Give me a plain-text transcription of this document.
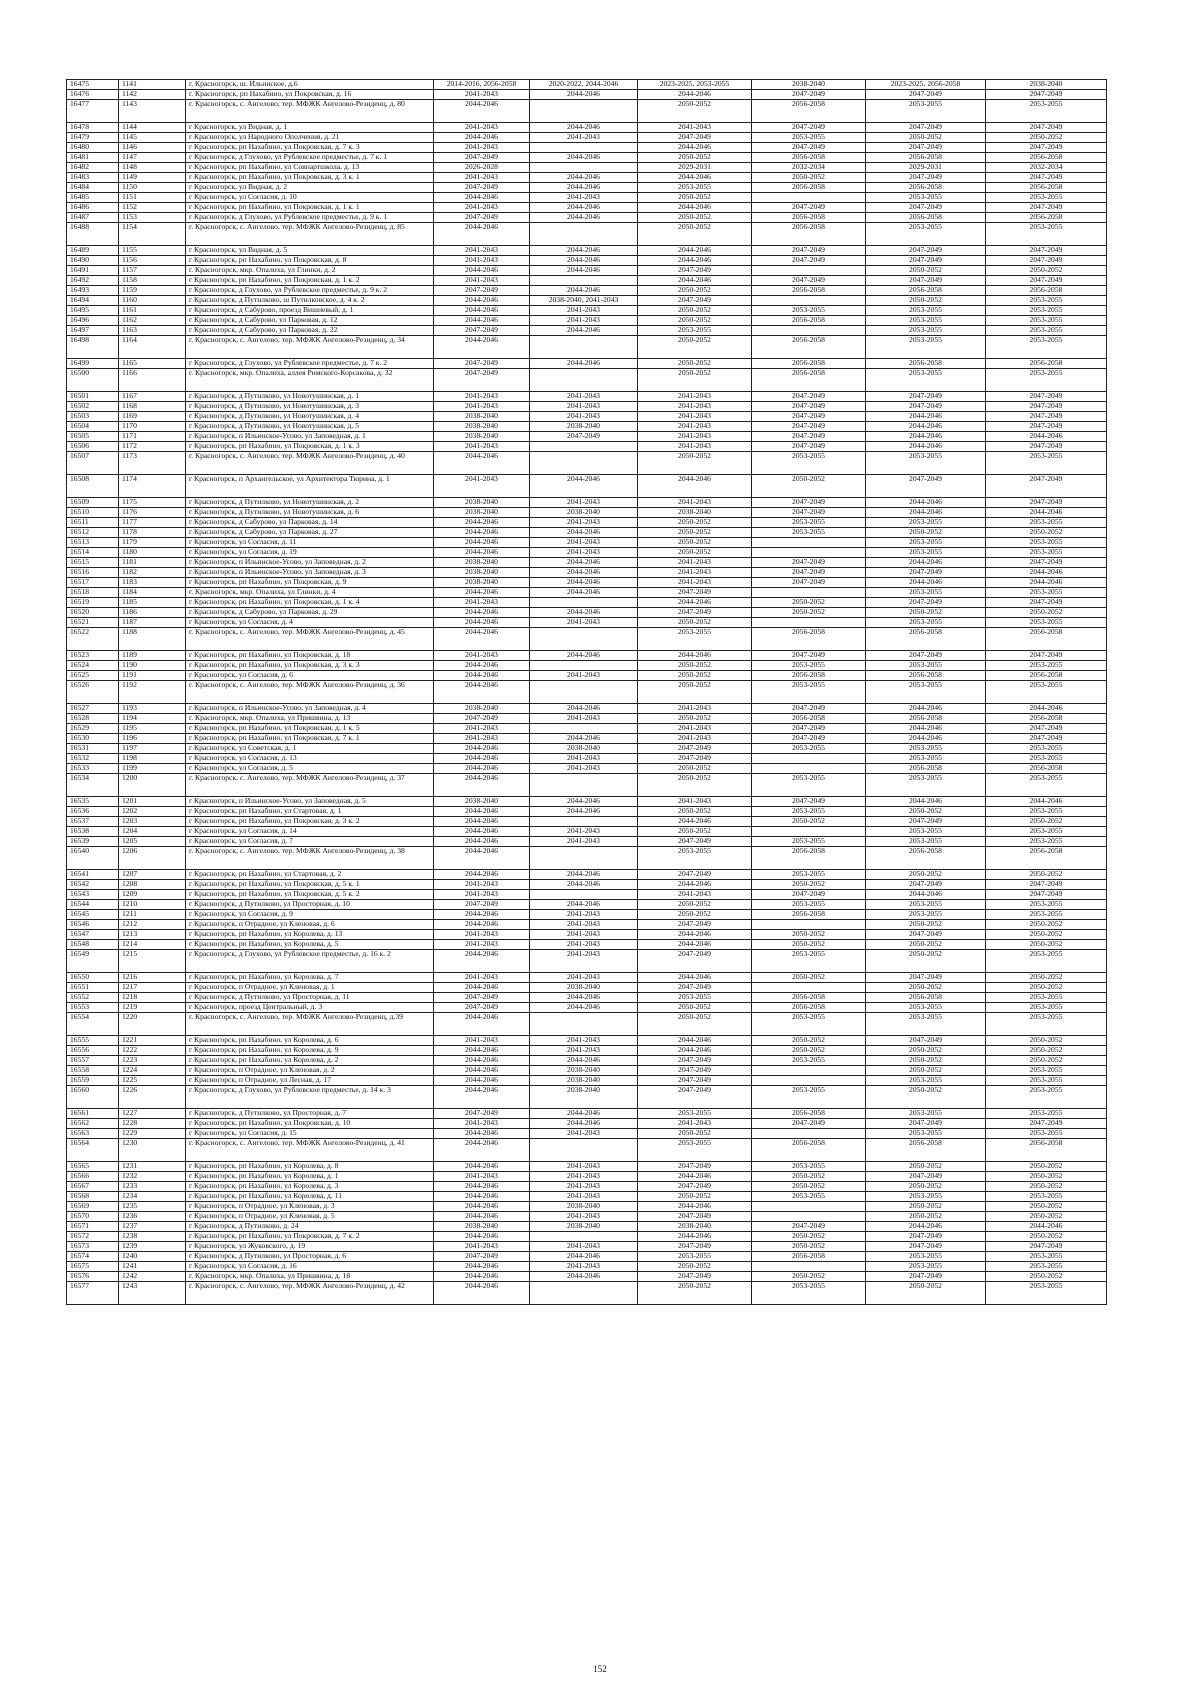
16475	1141	г. Красногорск, ш. Ильинское, д.6	2014-2016, 2056-2058	2020-2022, 2044-2046	2023-2025, 2053-2055	2038-2040	2023-2025, 2056-2058	2038-2040
16476	1142	г. Красногорск, рп Нахабино, ул Покровская, д. 16	2041-2043	2044-2046	2044-2046	2047-2049	2047-2049	2047-2049
16477	1143	г. Красногорск, с. Ангелово, тер. МФЖК Ангелово-Резиденц, д. 80	2044-2046		2050-2052	2056-2058	2053-2055	2053-2055
16478	1144	г Красногорск, ул Видная, д. 1	2041-2043	2044-2046	2041-2043	2047-2049	2047-2049	2047-2049
16479	1145	г Красногорск, ул Народного Ополчения, д. 21	2044-2046	2041-2043	2047-2049	2053-2055	2050-2052	2050-2052
16480	1146	г Красногорск, рп Нахабино, ул Покровская, д. 7 к. 3	2041-2043		2044-2046	2047-2049	2047-2049	2047-2049
16481	1147	г Красногорск, д Глухово, ул Рублевское предместье, д. 7 к. 1	2047-2049	2044-2046	2050-2052	2056-2058	2056-2058	2056-2058
16482	1148	г Красногорск, рп Нахабино, ул Совпартшкола, д. 13	2026-2028		2029-2031	2032-2034	2029-2031	2032-2034
16483	1149	г Красногорск, рп Нахабино, ул Покровская, д. 3 к. 1	2041-2043	2044-2046	2044-2046	2050-2052	2047-2049	2047-2049
16484	1150	г Красногорск, ул Видная, д. 2	2047-2049	2044-2046	2053-2055	2056-2058	2056-2058	2056-2058
16485	1151	г Красногорск, ул Согласия, д. 10	2044-2046	2041-2043	2050-2052		2053-2055	2053-2055
16486	1152	г Красногорск, рп Нахабино, ул Покровская, д. 1 к. 1	2041-2043	2044-2046	2044-2046	2047-2049	2047-2049	2047-2049
16487	1153	г Красногорск, д Глухово, ул Рублевское предместье, д. 9 к. 1	2047-2049	2044-2046	2050-2052	2056-2058	2056-2058	2056-2058
16488	1154	г. Красногорск, с. Ангелово, тер. МФЖК Ангелово-Резиденц, д. 85	2044-2046		2050-2052	2056-2058	2053-2055	2053-2055
16489	1155	г Красногорск, ул Видная, д. 5	2041-2043	2044-2046	2044-2046	2047-2049	2047-2049	2047-2049
16490	1156	г Красногорск, рп Нахабино, ул Покровская, д. 8	2041-2043	2044-2046	2044-2046	2047-2049	2047-2049	2047-2049
16491	1157	г. Красногорск, мкр. Опалиха, ул Глинки, д. 2	2044-2046	2044-2046	2047-2049		2050-2052	2050-2052
16492	1158	г Красногорск, рп Нахабино, ул Покровская, д. 1 к. 2	2041-2043		2044-2046	2047-2049	2047-2049	2047-2049
16493	1159	г Красногорск, д Глухово, ул Рублевское предместье, д. 9 к. 2	2047-2049	2044-2046	2050-2052	2056-2058	2056-2058	2056-2058
16494	1160	г Красногорск, д Путилково, ш Путилковское, д. 4 к. 2	2044-2046	2038-2040, 2041-2043	2047-2049		2050-2052	2053-2055
16495	1161	г Красногорск, д Сабурово, проезд Вишневый, д. 1	2044-2046	2041-2043	2050-2052	2053-2055	2053-2055	2053-2055
16496	1162	г Красногорск, д Сабурово, ул Парковая, д. 12	2044-2046	2041-2043	2050-2052	2056-2058	2053-2055	2053-2055
16497	1163	г Красногорск, д Сабурово, ул Парковая, д. 22	2047-2049	2044-2046	2053-2055		2053-2055	2053-2055
16498	1164	г. Красногорск, с. Ангелово, тер. МФЖК Ангелово-Резиденц, д. 34	2044-2046		2050-2052	2056-2058	2053-2055	2053-2055
16499	1165	г Красногорск, д Глухово, ул Рублевское предместье, д. 7 к. 2	2047-2049	2044-2046	2050-2052	2056-2058	2056-2058	2056-2058
16500	1166	г. Красногорск, мкр. Опалиха, аллея Римского-Корсакова, д. 32	2047-2049		2050-2052	2056-2058	2053-2055	2053-2055
16501	1167	г Красногорск, д Путилково, ул Новотушинская, д. 1	2041-2043	2041-2043	2041-2043	2047-2049	2047-2049	2047-2049
16502	1168	г Красногорск, д Путилково, ул Новотушинская, д. 3	2041-2043	2041-2043	2041-2043	2047-2049	2047-2049	2047-2049
16503	1169	г Красногорск, д Путилково, ул Новотушинская, д. 4	2038-2040	2041-2043	2041-2043	2047-2049	2044-2046	2047-2049
16504	1170	г Красногорск, д Путилково, ул Новотушинская, д. 5	2038-2040	2038-2040	2041-2043	2047-2049	2044-2046	2047-2049
16505	1171	г Красногорск, п Ильинское-Усово, ул Заповедная, д. 1	2038-2040	2047-2049	2041-2043	2047-2049	2044-2046	2044-2046
16506	1172	г Красногорск, рп Нахабино, ул Покровская, д. 1 к. 3	2041-2043		2041-2043	2047-2049	2044-2046	2047-2049
16507	1173	г. Красногорск, с. Ангелово, тер. МФЖК Ангелово-Резиденц, д. 40	2044-2046		2050-2052	2053-2055	2053-2055	2053-2055
16508	1174	г Красногорск, п Архангельское, ул Архитектора Тюрина, д. 1	2041-2043	2044-2046	2044-2046	2050-2052	2047-2049	2047-2049
16509	1175	г Красногорск, д Путилково, ул Новотушинская, д. 2	2038-2040	2041-2043	2041-2043	2047-2049	2044-2046	2047-2049
16510	1176	г Красногорск, д Путилково, ул Новотушинская, д. 6	2038-2040	2038-2040	2038-2040	2047-2049	2044-2046	2044-2046
16511	1177	г Красногорск, д Сабурово, ул Парковая, д. 14	2044-2046	2041-2043	2050-2052	2053-2055	2053-2055	2053-2055
16512	1178	г Красногорск, д Сабурово, ул Парковая, д. 27	2044-2046	2044-2046	2050-2052	2053-2055	2050-2052	2050-2052
16513	1179	г Красногорск, ул Согласия, д. 11	2044-2046	2041-2043	2050-2052		2053-2055	2053-2055
16514	1180	г Красногорск, ул Согласия, д. 19	2044-2046	2041-2043	2050-2052		2053-2055	2053-2055
16515	1181	г Красногорск, п Ильинское-Усово, ул Заповедная, д. 2	2038-2040	2044-2046	2041-2043	2047-2049	2044-2046	2047-2049
16516	1182	г Красногорск, п Ильинское-Усово, ул Заповедная, д. 3	2038-2040	2044-2046	2041-2043	2047-2049	2047-2049	2044-2046
16517	1183	г Красногорск, рп Нахабино, ул Покровская, д. 9	2038-2040	2044-2046	2041-2043	2047-2049	2044-2046	2044-2046
16518	1184	г. Красногорск, мкр. Опалиха, ул Глинки, д. 4	2044-2046	2044-2046	2047-2049		2053-2055	2053-2055
16519	1185	г Красногорск, рп Нахабино, ул Покровская, д. 1 к. 4	2041-2043		2044-2046	2050-2052	2047-2049	2047-2049
16520	1186	г Красногорск, д Сабурово, ул Парковая, д. 29	2044-2046	2044-2046	2047-2049	2050-2052	2050-2052	2050-2052
16521	1187	г Красногорск, ул Согласия, д. 4	2044-2046	2041-2043	2050-2052		2053-2055	2053-2055
16522	1188	г. Красногорск, с. Ангелово, тер. МФЖК Ангелово-Резиденц, д. 45	2044-2046		2053-2055	2056-2058	2056-2058	2056-2058
16523	1189	г Красногорск, рп Нахабино, ул Покровская, д. 18	2041-2043	2044-2046	2044-2046	2047-2049	2047-2049	2047-2049
16524	1190	г Красногорск, рп Нахабино, ул Покровская, д. 3 к. 3	2044-2046		2050-2052	2053-2055	2053-2055	2053-2055
16525	1191	г Красногорск, ул Согласия, д. 6	2044-2046	2041-2043	2050-2052	2056-2058	2056-2058	2056-2058
16526	1192	г. Красногорск, с. Ангелово, тер. МФЖК Ангелово-Резиденц, д. 36	2044-2046		2050-2052	2053-2055	2053-2055	2053-2055
16527	1193	г Красногорск, п Ильинское-Усово, ул Заповедная, д. 4	2038-2040	2044-2046	2041-2043	2047-2049	2044-2046	2044-2046
16528	1194	г. Красногорск, мкр. Опалиха, ул Пришвина, д. 13	2047-2049	2041-2043	2050-2052	2056-2058	2056-2058	2056-2058
16529	1195	г Красногорск, рп Нахабино, ул Покровская, д. 1 к. 5	2041-2043		2041-2043	2047-2049	2044-2046	2047-2049
16530	1196	г Красногорск, рп Нахабино, ул Покровская, д. 7 к. 1	2041-2043	2044-2046	2041-2043	2047-2049	2044-2046	2047-2049
16531	1197	г Красногорск, ул Советская, д. 1	2044-2046	2038-2040	2047-2049	2053-2055	2053-2055	2053-2055
16532	1198	г Красногорск, ул Согласия, д. 13	2044-2046	2041-2043	2047-2049		2053-2055	2053-2055
16533	1199	г Красногорск, ул Согласия, д. 5	2044-2046	2041-2043	2050-2052		2056-2058	2056-2058
16534	1200	г. Красногорск, с. Ангелово, тер. МФЖК Ангелово-Резиденц, д. 37	2044-2046		2050-2052	2053-2055	2053-2055	2053-2055
16535	1201	г Красногорск, п Ильинское-Усово, ул Заповедная, д. 5	2038-2040	2044-2046	2041-2043	2047-2049	2044-2046	2044-2046
16536	1202	г Красногорск, рп Нахабино, ул Стартовая, д. 1	2044-2046	2044-2046	2050-2052	2053-2055	2050-2052	2053-2055
16537	1203	г Красногорск, рп Нахабино, ул Покровская, д. 3 к. 2	2044-2046		2044-2046	2050-2052	2047-2049	2050-2052
16538	1204	г Красногорск, ул Согласия, д. 14	2044-2046	2041-2043	2050-2052		2053-2055	2053-2055
16539	1205	г Красногорск, ул Согласия, д. 7	2044-2046	2041-2043	2047-2049	2053-2055	2053-2055	2053-2055
16540	1206	г. Красногорск, с. Ангелово, тер. МФЖК Ангелово-Резиденц, д. 38	2044-2046		2053-2055	2056-2058	2056-2058	2056-2058
16541	1207	г Красногорск, рп Нахабино, ул Стартовая, д. 2	2044-2046	2044-2046	2047-2049	2053-2055	2050-2052	2050-2052
16542	1208	г Красногорск, рп Нахабино, ул Покровская, д. 5 к. 1	2041-2043	2044-2046	2044-2046	2050-2052	2047-2049	2047-2049
16543	1209	г Красногорск, рп Нахабино, ул Покровская, д. 5 к. 2	2041-2043		2041-2043	2047-2049	2044-2046	2047-2049
16544	1210	г Красногорск, д Путилково, ул Просторная, д. 10	2047-2049	2044-2046	2050-2052	2053-2055	2053-2055	2053-2055
16545	1211	г Красногорск, ул Согласия, д. 9	2044-2046	2041-2043	2050-2052	2056-2058	2053-2055	2053-2055
16546	1212	г Красногорск, п Отрадное, ул Кленовая, д. 6	2044-2046	2041-2043	2047-2049		2050-2052	2050-2052
16547	1213	г Красногорск, рп Нахабино, ул Королева, д. 13	2041-2043	2041-2043	2044-2046	2050-2052	2047-2049	2050-2052
16548	1214	г Красногорск, рп Нахабино, ул Королева, д. 5	2041-2043	2041-2043	2044-2046	2050-2052	2050-2052	2050-2052
16549	1215	г Красногорск, д Глухово, ул Рублевское предместье, д. 16 к. 2	2044-2046	2041-2043	2047-2049	2053-2055	2050-2052	2053-2055
16550	1216	г Красногорск, рп Нахабино, ул Королева, д. 7	2041-2043	2041-2043	2044-2046	2050-2052	2047-2049	2050-2052
16551	1217	г Красногорск, п Отрадное, ул Кленовая, д. 1	2044-2046	2038-2040	2047-2049		2050-2052	2050-2052
16552	1218	г Красногорск, д Путилково, ул Просторная, д. 11	2047-2049	2044-2046	2053-2055	2056-2058	2056-2058	2053-2055
16553	1219	г Красногорск, проезд Центральный, д. 3	2047-2049	2044-2046	2050-2052	2056-2058	2053-2055	2053-2055
16554	1220	г. Красногорск, с. Ангелово, тер. МФЖК Ангелово-Резиденц, д.39	2044-2046		2050-2052	2053-2055	2053-2055	2053-2055
16555	1221	г Красногорск, рп Нахабино, ул Королева, д. 6	2041-2043	2041-2043	2044-2046	2050-2052	2047-2049	2050-2052
16556	1222	г Красногорск, рп Нахабино, ул Королева, д. 9	2044-2046	2041-2043	2044-2046	2050-2052	2050-2052	2050-2052
16557	1223	г Красногорск, рп Нахабино, ул Королева, д. 2	2044-2046	2044-2046	2047-2049	2053-2055	2050-2052	2050-2052
16558	1224	г Красногорск, п Отрадное, ул Кленовая, д. 2	2044-2046	2038-2040	2047-2049		2050-2052	2053-2055
16559	1225	г Красногорск, п Отрадное, ул Лесная, д. 17	2044-2046	2038-2040	2047-2049		2053-2055	2053-2055
16560	1226	г Красногорск, д Глухово, ул Рублевское предместье, д. 14 к. 3	2044-2046	2038-2040	2047-2049	2053-2055	2050-2052	2053-2055
16561	1227	г Красногорск, д Путилково, ул Просторная, д. 7	2047-2049	2044-2046	2053-2055	2056-2058	2053-2055	2053-2055
16562	1228	г Красногорск, рп Нахабино, ул Покровская, д. 10	2041-2043	2044-2046	2041-2043	2047-2049	2047-2049	2047-2049
16563	1229	г Красногорск, ул Согласия, д. 15	2044-2046	2041-2043	2050-2052		2053-2055	2053-2055
16564	1230	г. Красногорск, с. Ангелово, тер. МФЖК Ангелово-Резиденц, д. 41	2044-2046		2053-2055	2056-2058	2056-2058	2056-2058
16565	1231	г Красногорск, рп Нахабино, ул Королева, д. 8	2044-2046	2041-2043	2047-2049	2053-2055	2050-2052	2050-2052
16566	1232	г Красногорск, рп Нахабино, ул Королева, д. 1	2041-2043	2041-2043	2044-2046	2050-2052	2047-2049	2050-2052
16567	1233	г Красногорск, рп Нахабино, ул Королева, д. 3	2044-2046	2041-2043	2047-2049	2050-2052	2050-2052	2050-2052
16568	1234	г Красногорск, рп Нахабино, ул Королева, д. 11	2044-2046	2041-2043	2050-2052	2053-2055	2053-2055	2053-2055
16569	1235	г Красногорск, п Отрадное, ул Кленовая, д. 3	2044-2046	2038-2040	2044-2046		2050-2052	2050-2052
16570	1236	г Красногорск, п Отрадное, ул Кленовая, д. 5	2044-2046	2041-2043	2047-2049		2050-2052	2050-2052
16571	1237	г Красногорск, д Путилково, д. 24	2038-2040	2038-2040	2038-2040	2047-2049	2044-2046	2044-2046
16572	1238	г Красногорск, рп Нахабино, ул Покровская, д. 7 к. 2	2044-2046		2044-2046	2050-2052	2047-2049	2050-2052
16573	1239	г Красногорск, ул Жуковского, д. 19	2041-2043	2041-2043	2047-2049	2050-2052	2047-2049	2047-2049
16574	1240	г Красногорск, д Путилково, ул Просторная, д. 6	2047-2049	2044-2046	2053-2055	2056-2058	2053-2055	2053-2055
16575	1241	г Красногорск, ул Согласия, д. 16	2044-2046	2041-2043	2050-2052		2053-2055	2053-2055
16576	1242	г. Красногорск, мкр. Опалиха, ул Пришвина, д. 18	2044-2046	2044-2046	2047-2049	2050-2052	2047-2049	2050-2052
16577	1243	г. Красногорск, с. Ангелово, тер. МФЖК Ангелово-Резиденц, д. 42	2044-2046		2050-2052	2053-2055	2050-2052	2053-2055
152
